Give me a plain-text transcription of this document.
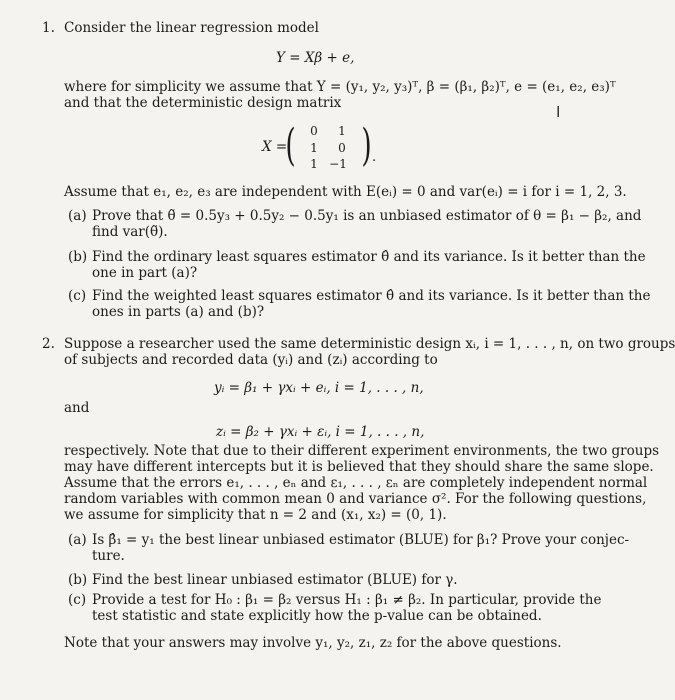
1. Consider the linear regression model
Y = Xβ + e,
where for simplicity we assume that Y = (y₁, y₂, y₃)ᵀ, β = (β₁, β₂)ᵀ, e = (e₁, e₂, e₃)ᵀ
and that the deterministic design matrix	I
X =
(	0	1
1	0
1 −1 ) .
Assume that e₁, e₂, e₃ are independent with E(eᵢ) = 0 and var(eᵢ) = i for i = 1, 2, 3.
(a) Prove that θ̃ = 0.5y₃ + 0.5y₂ − 0.5y₁ is an unbiased estimator of θ = β₁ − β₂, and
find var(θ̃).
(b) Find the ordinary least squares estimator θ̂ and its variance. Is it better than the
one in part (a)?
(c) Find the weighted least squares estimator θ̂ and its variance. Is it better than the
ones in parts (a) and (b)?
2. Suppose a researcher used the same deterministic design xᵢ, i = 1, . . . , n, on two groups
of subjects and recorded data (yᵢ) and (zᵢ) according to
yᵢ = β₁ + γxᵢ + eᵢ, i = 1, . . . , n,
and
zᵢ = β₂ + γxᵢ + εᵢ, i = 1, . . . , n,
respectively. Note that due to their different experiment environments, the two groups
may have different intercepts but it is believed that they should share the same slope.
Assume that the errors e₁, . . . , eₙ and ε₁, . . . , εₙ are completely independent normal
random variables with common mean 0 and variance σ². For the following questions,
we assume for simplicity that n = 2 and (x₁, x₂) = (0, 1).
(a) Is β̂₁ = y₁ the best linear unbiased estimator (BLUE) for β₁? Prove your conjec-
ture.
(b) Find the best linear unbiased estimator (BLUE) for γ.
(c) Provide a test for H₀ : β₁ = β₂ versus H₁ : β₁ ≠ β₂. In particular, provide the
test statistic and state explicitly how the p-value can be obtained.
Note that your answers may involve y₁, y₂, z₁, z₂ for the above questions.
